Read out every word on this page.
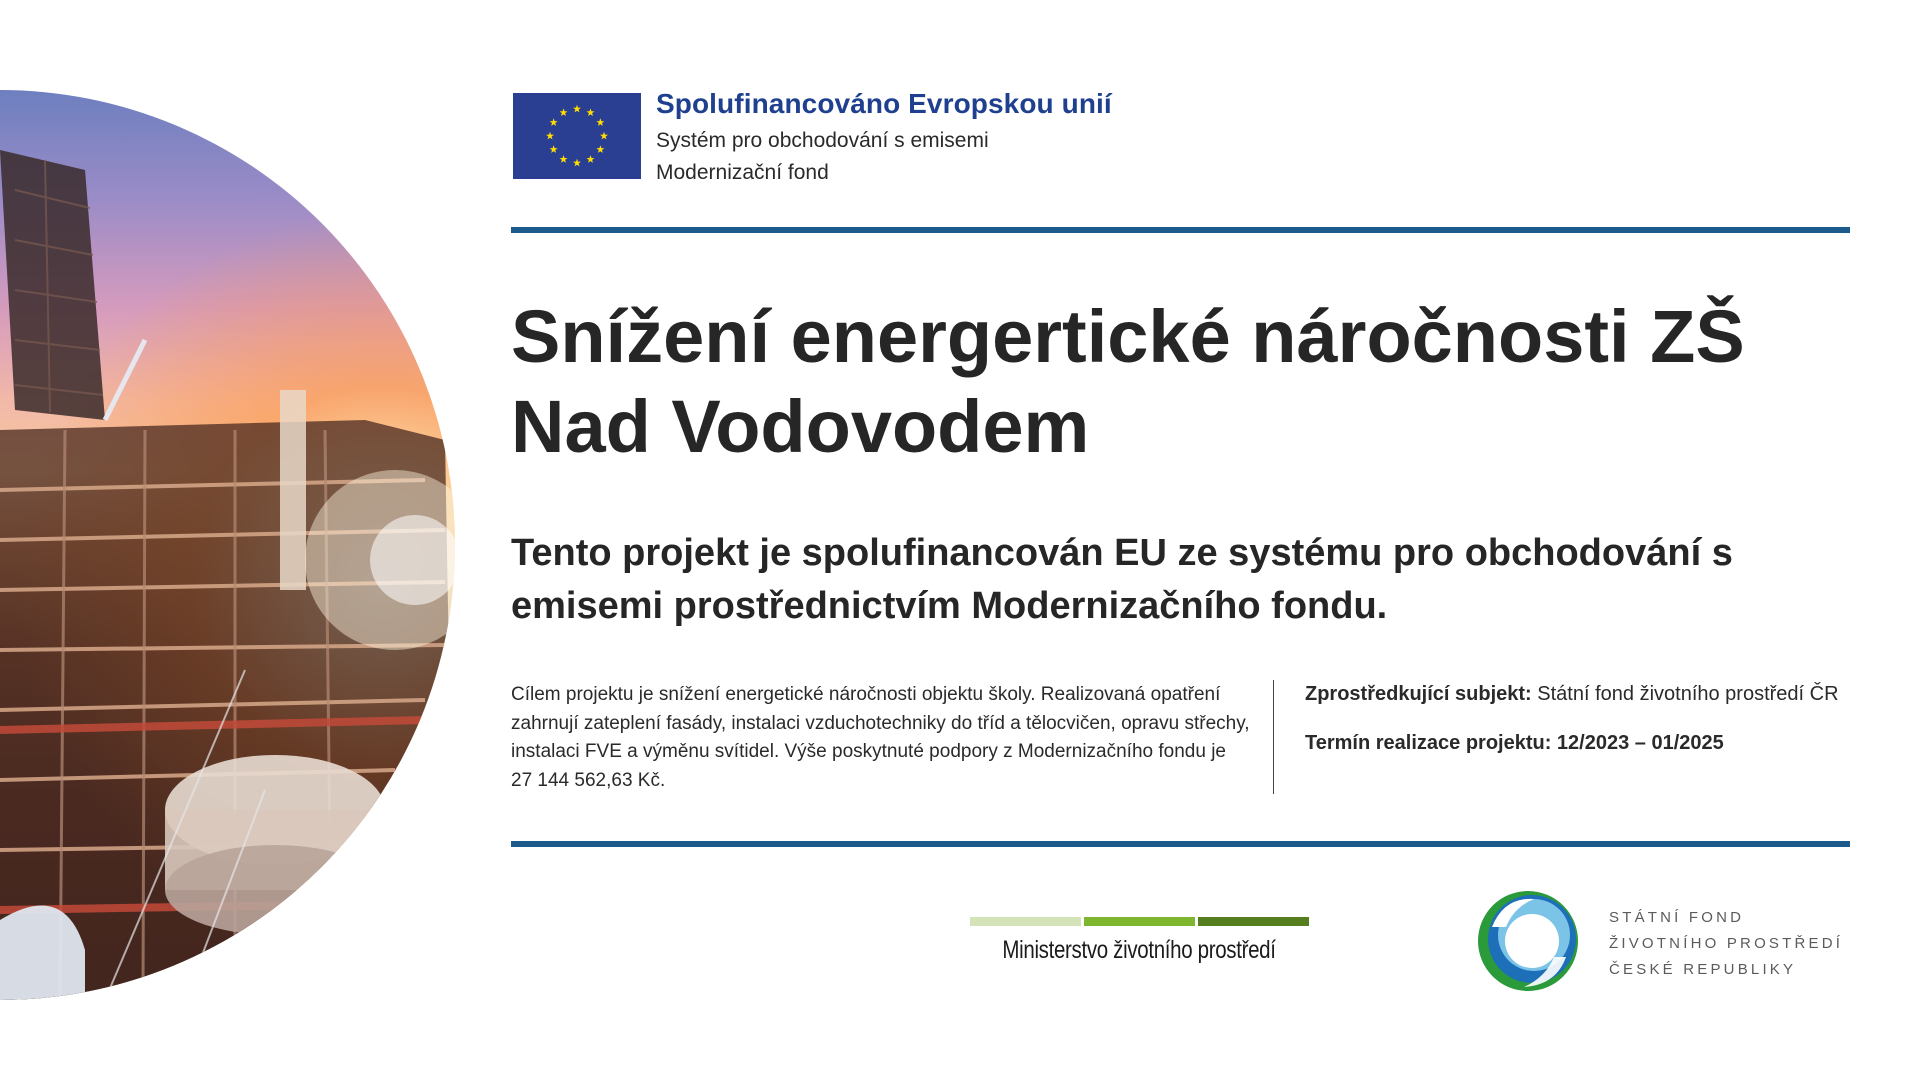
Spolufinancováno Evropskou unií
Systém pro obchodování s emisemi
Modernizační fond
Snížení energertické náročnosti ZŠ Nad Vodovodem
Tento projekt je spolufinancován EU ze systému pro obchodování s emisemi prostřednictvím Modernizačního fondu.
Cílem projektu je snížení energetické náročnosti objektu školy. Realizovaná opatření zahrnují zateplení fasády, instalaci vzduchotechniky do tříd a tělocvičen, opravu střechy, instalaci FVE a výměnu svítidel. Výše poskytnuté podpory z Modernizačního fondu je 27 144 562,63 Kč.
Zprostředkující subjekt: Státní fond životního prostředí ČR
Termín realizace projektu: 12/2023 – 01/2025
Ministerstvo životního prostředí
STÁTNÍ FOND
ŽIVOTNÍHO PROSTŘEDÍ
ČESKÉ REPUBLIKY
